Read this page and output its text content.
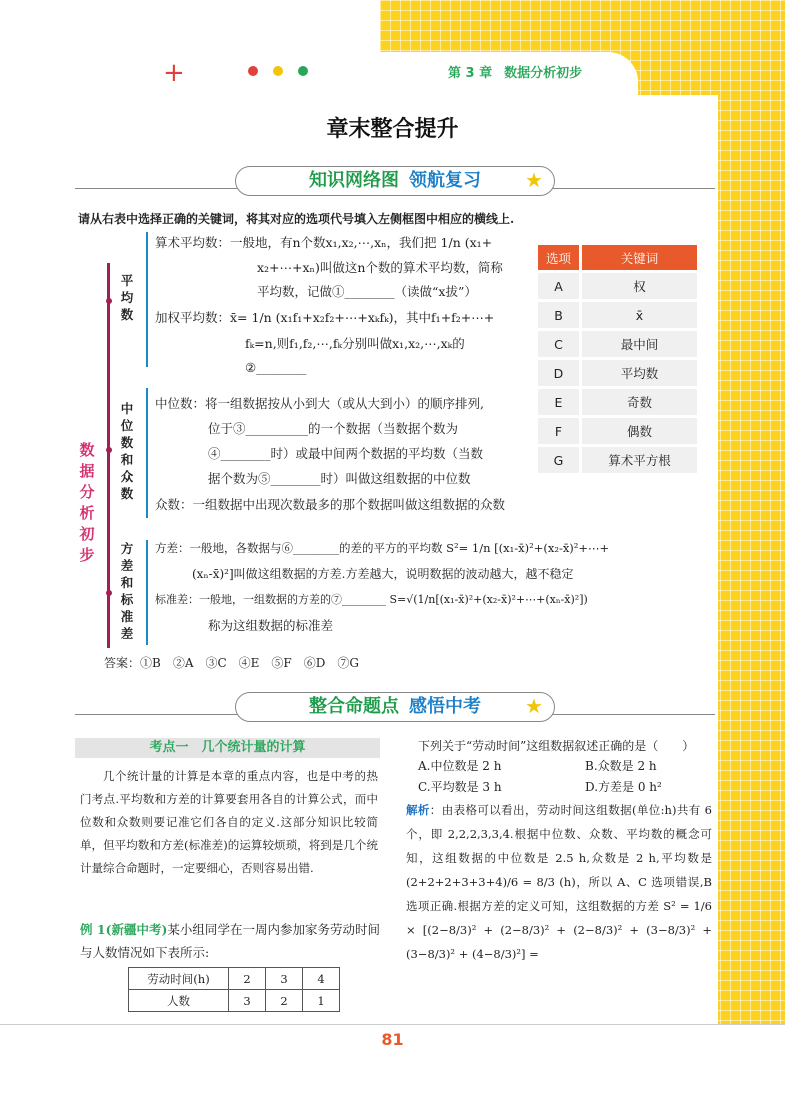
+	第 3 章 数据分析初步
章末整合提升
知识网络图 领航复习	★
请从右表中选择正确的关键词，将其对应的选项代号填入左侧框图中相应的横线上.
数据分析初步
平均数
中位数和众数
方差和标准差
算术平均数：一般地，有n个数x₁,x₂,⋯,xₙ，我们把 1/n (x₁+
x₂+⋯+xₙ)叫做这n个数的算术平均数，简称
平均数，记做①________（读做“x拔”）
加权平均数：x̄= 1/n (x₁f₁+x₂f₂+⋯+xₖfₖ)，其中f₁+f₂+⋯+
fₖ=n,则f₁,f₂,⋯,fₖ分别叫做x₁,x₂,⋯,xₖ的
②________
中位数：将一组数据按从小到大（或从大到小）的顺序排列,
位于③__________的一个数据（当数据个数为
④________时）或最中间两个数据的平均数（当数
据个数为⑤________时）叫做这组数据的中位数
众数：一组数据中出现次数最多的那个数据叫做这组数据的众数
方差：一般地，各数据与⑥________的差的平方的平均数 S²= 1/n [(x₁-x̄)²+(x₂-x̄)²+⋯+
(xₙ-x̄)²]叫做这组数据的方差.方差越大，说明数据的波动越大，越不稳定
标准差：一般地，一组数据的方差的⑦________ S=√(1/n[(x₁-x̄)²+(x₂-x̄)²+⋯+(xₙ-x̄)²])
称为这组数据的标准差
选项	关键词
A	权
B	x̄
C	最中间
D	平均数
E	奇数
F	偶数
G	算术平方根
答案：①B　②A　③C　④E　⑤F　⑥D　⑦G
整合命题点 感悟中考	★
考点一　几个统计量的计算
几个统计量的计算是本章的重点内容，也是中考的热门考点.平均数和方差的计算要套用各自的计算公式，而中位数和众数则要记准它们各自的定义.这部分知识比较简单，但平均数和方差(标准差)的运算较烦琐，将到是几个统计量综合命题时，一定要细心，否则容易出错.
例 1(新疆中考)某小组同学在一周内参加家务劳动时间与人数情况如下表所示:
劳动时间(h)	2	3	4
人数	3	2	1
下列关于“劳动时间”这组数据叙述正确的是（　　）
A.中位数是 2 h	B.众数是 2 h
C.平均数是 3 h	D.方差是 0 h²
解析：由表格可以看出，劳动时间这组数据(单位:h)共有 6 个，即 2,2,2,3,3,4.根据中位数、众数、平均数的概念可知，这组数据的中位数是 2.5 h,众数是 2 h,平均数是 (2+2+2+3+3+4)/6 = 8/3 (h)，所以 A、C 选项错误,B 选项正确.根据方差的定义可知，这组数据的方差 S² = 1/6 × [(2−8/3)² + (2−8/3)² + (2−8/3)² + (3−8/3)² + (3−8/3)² + (4−8/3)²] =
81
